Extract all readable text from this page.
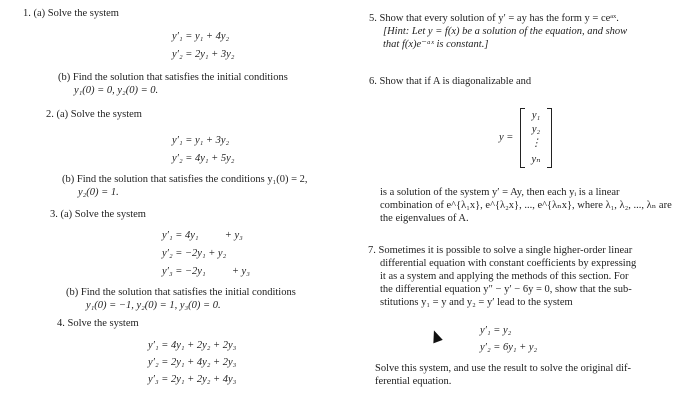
1. (a) Solve the system
y′₁ = y₁ + 4y₂
y′₂ = 2y₁ + 3y₂
(b) Find the solution that satisfies the initial conditions
y₁(0) = 0, y₂(0) = 0.
2. (a) Solve the system
y′₁ = y₁ + 3y₂
y′₂ = 4y₁ + 5y₂
(b) Find the solution that satisfies the conditions y₁(0) = 2,
y₂(0) = 1.
3. (a) Solve the system
y′₁ = 4y₁          + y₃
y′₂ = −2y₁ + y₂
y′₃ = −2y₁          + y₃
(b) Find the solution that satisfies the initial conditions
y₁(0) = −1, y₂(0) = 1, y₃(0) = 0.
4. Solve the system
y′₁ = 4y₁ + 2y₂ + 2y₃
y′₂ = 2y₁ + 4y₂ + 2y₃
y′₃ = 2y₁ + 2y₂ + 4y₃
5. Show that every solution of y′ = ay has the form y = ceᵃˣ.
[Hint: Let y = f(x) be a solution of the equation, and show
that f(x)e⁻ᵃˣ is constant.]
6. Show that if A is diagonalizable and
y =
y₁
y₂
⋮
yₙ
is a solution of the system y′ = Ay, then each yᵢ is a linear
combination of e^{λ₁x}, e^{λ₂x}, ..., e^{λₙx}, where λ₁, λ₂, ..., λₙ are
the eigenvalues of A.
7. Sometimes it is possible to solve a single higher-order linear
differential equation with constant coefficients by expressing
it as a system and applying the methods of this section. For
the differential equation y″ − y′ − 6y = 0, show that the sub-
stitutions y₁ = y and y₂ = y′ lead to the system
y′₁ = y₂
y′₂ = 6y₁ + y₂
Solve this system, and use the result to solve the original dif-
ferential equation.
